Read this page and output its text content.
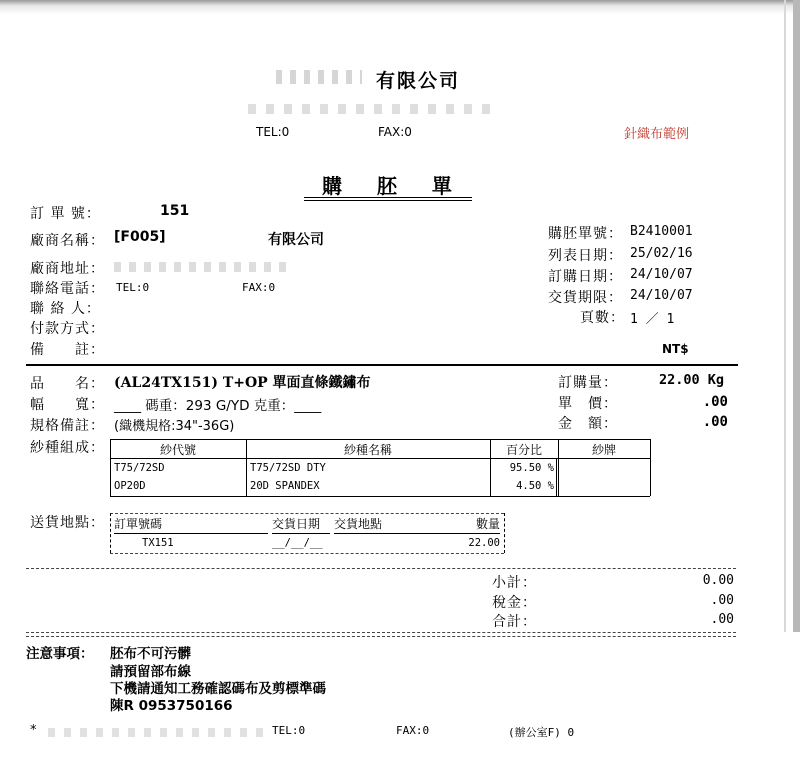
有限公司
TEL:0	FAX:0	針織布範例
購 胚 單
訂 單 號：	151
廠商名稱： [F005]	有限公司
廠商地址：
聯絡電話： TEL:0	FAX:0
聯 絡 人：
付款方式：
備　　註：	NT$
購胚單號： B2410001
列表日期： 25/02/16
訂購日期： 24/10/07
交貨期限： 24/10/07
頁數： 1 ／ 1
品　　名： (AL24TX151) T+OP 單面直條鐵鏽布
幅　　寬： ____ 碼重：293 G/YD 克重：____
規格備註： (織機規格:34"-36G)
訂購量：	22.00 Kg
單　價：	.00
金　額：	.00
紗種組成：	紗代號	紗種名稱	百分比	紗牌
T75/72SD	T75/72SD DTY	95.50 %
OP20D	20D SPANDEX	4.50 %
送貨地點： 訂單號碼	交貨日期 交貨地點	數量
TX151	__/__/__	22.00
小計：	0.00
稅金：	.00
合計：	.00
注意事項： 胚布不可污髒
請預留部布線
下機請通知工務確認碼布及剪標準碼
陳R 0953750166
*	TEL:0	FAX:0	(辦公室F) 0
